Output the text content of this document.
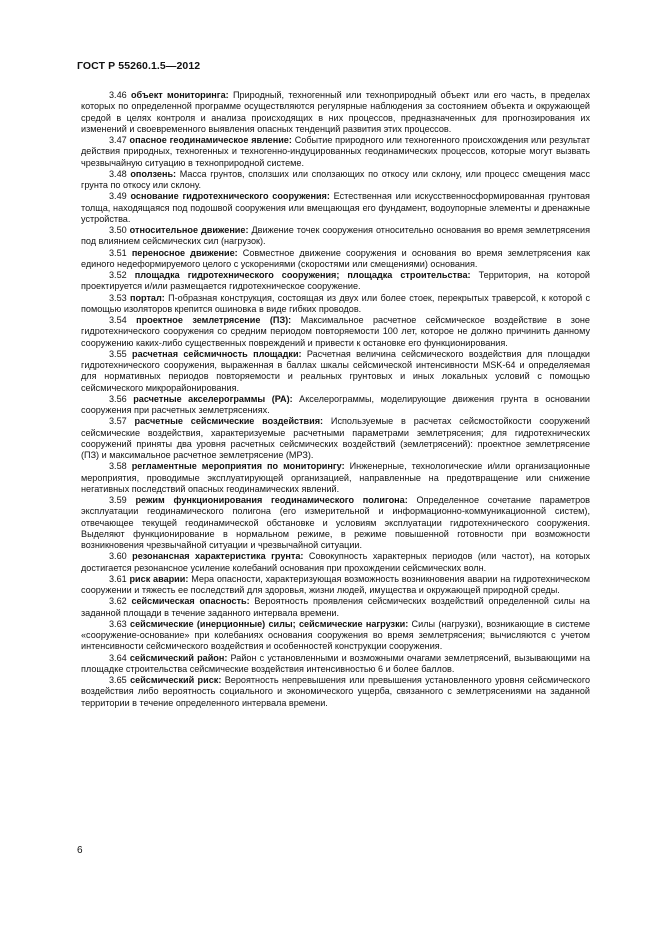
ГОСТ Р 55260.1.5—2012

3.46 объект мониторинга: Природный, техногенный или технoприродный объект или его часть, в пределах которых по определенной программе осуществляются регулярные наблюдения за состоянием объекта и окружающей средой в целях контроля и анализа происходящих в них процессов, предназначенных для прогнозирования их изменений и своевременного выявления опасных тенденций развития этих процессов.

3.47 опасное геодинамическое явление: Событие природного или техногенного происхождения или результат действия природных, техногенных и техногенно-индуцированных геодинамических процессов, которые могут вызвать чрезвычайную ситуацию в технoприродной системе.

3.48 оползень: Масса грунтов, сползших или сползающих по откосу или склону, или процесс смещения масс грунта по откосу или склону.

3.49 основание гидротехнического сооружения: Естественная или искусственносформированная грунтовая толща, находящаяся под подошвой сооружения или вмещающая его фундамент, водоупорные элементы и дренажные устройства.

3.50 относительное движение: Движение точек сооружения относительно основания во время землетрясения под влиянием сейсмических сил (нагрузок).

3.51 переносное движение: Совместное движение сооружения и основания во время землетрясения как единого недеформируемого целого с ускорениями (скоростями или смещениями) основания.

3.52 площадка гидротехнического сооружения; площадка строительства: Территория, на которой проектируется и/или размещается гидротехническое сооружение.

3.53 портал: П-образная конструкция, состоящая из двух или более стоек, перекрытых траверсой, к которой с помощью изоляторов крепится ошиновка в виде гибких проводов.

3.54 проектное землетрясение (ПЗ): Максимальное расчетное сейсмическое воздействие в зоне гидротехнического сооружения со средним периодом повторяемости 100 лет, которое не должно причинить данному сооружению каких-либо существенных повреждений и привести к остановке его функционирования.

3.55 расчетная сейсмичность площадки: Расчетная величина сейсмического воздействия для площадки гидротехнического сооружения, выраженная в баллах шкалы сейсмической интенсивности MSK-64 и определяемая для нормативных периодов повторяемости и реальных грунтовых и иных локальных условий с помощью сейсмического микрорайонирования.

3.56 расчетные акселерограммы (РА): Акселерограммы, моделирующие движения грунта в основании сооружения при расчетных землетрясениях.

3.57 расчетные сейсмические воздействия: Используемые в расчетах сейсмостойкости сооружений сейсмические воздействия, характеризуемые расчетными параметрами землетрясения; для гидротехнических сооружений приняты два уровня расчетных сейсмических воздействий (землетрясений): проектное землетрясение (ПЗ) и максимальное расчетное землетрясение (МРЗ).

3.58 регламентные мероприятия по мониторингу: Инженерные, технологические и/или организационные мероприятия, проводимые эксплуатирующей организацией, направленные на предотвращение или снижение негативных последствий опасных геодинамических явлений.

3.59 режим функционирования геодинамического полигона: Определенное сочетание параметров эксплуатации геодинамического полигона (его измерительной и информационно-коммуникационной систем), отвечающее текущей геодинамической обстановке и условиям эксплуатации гидротехнического сооружения. Выделяют функционирование в нормальном режиме, в режиме повышенной готовности при возможности возникновения чрезвычайной ситуации и чрезвычайной ситуации.

3.60 резонансная характеристика грунта: Совокупность характерных периодов (или частот), на которых достигается резонансное усиление колебаний основания при прохождении сейсмических волн.

3.61 риск аварии: Мера опасности, характеризующая возможность возникновения аварии на гидротехническом сооружении и тяжесть ее последствий для здоровья, жизни людей, имущества и окружающей природной среды.

3.62 сейсмическая опасность: Вероятность проявления сейсмических воздействий определенной силы на заданной площади в течение заданного интервала времени.

3.63 сейсмические (инерционные) силы; сейсмические нагрузки: Силы (нагрузки), возникающие в системе «сооружение-основание» при колебаниях основания сооружения во время землетрясения; вычисляются с учетом интенсивности сейсмического воздействия и особенностей конструкции сооружения.

3.64 сейсмический район: Район с установленными и возможными очагами землетрясений, вызывающими на площадке строительства сейсмические воздействия интенсивностью 6 и более баллов.

3.65 сейсмический риск: Вероятность непревышения или превышения установленного уровня сейсмического воздействия либо вероятность социального и экономического ущерба, связанного с землетрясениями на заданной территории в течение определенного интервала времени.

6
